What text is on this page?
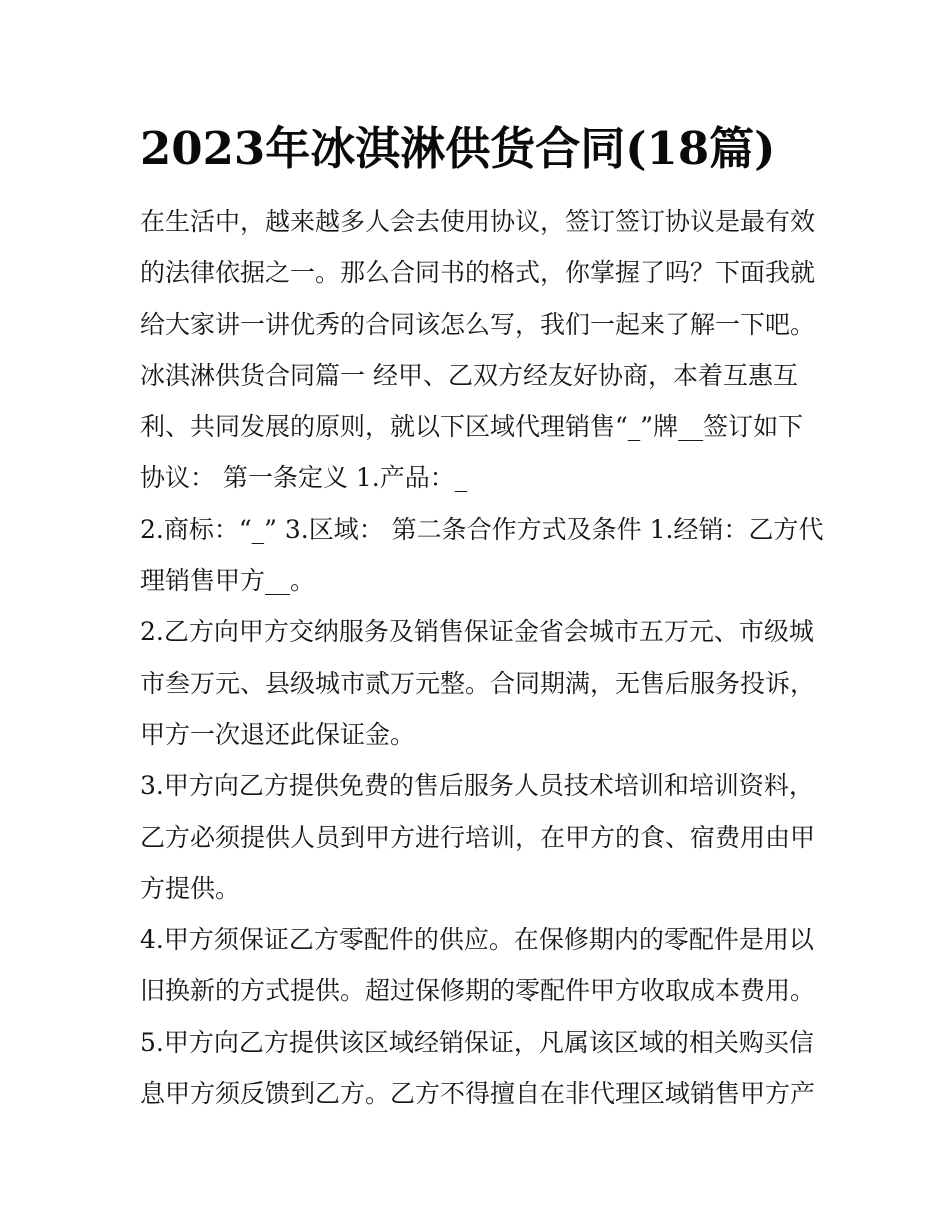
2023年冰淇淋供货合同(18篇)
在生活中，越来越多人会去使用协议，签订签订协议是最有效
的法律依据之一。那么合同书的格式，你掌握了吗？下面我就
给大家讲一讲优秀的合同该怎么写，我们一起来了解一下吧。
冰淇淋供货合同篇一 经甲、乙双方经友好协商，本着互惠互
利、共同发展的原则，就以下区域代理销售“_”牌__签订如下
协议： 第一条定义 1.产品：_
2.商标：“_” 3.区域： 第二条合作方式及条件 1.经销：乙方代
理销售甲方__。
2.乙方向甲方交纳服务及销售保证金省会城市五万元、市级城
市叁万元、县级城市贰万元整。合同期满，无售后服务投诉，
甲方一次退还此保证金。
3.甲方向乙方提供免费的售后服务人员技术培训和培训资料，
乙方必须提供人员到甲方进行培训，在甲方的食、宿费用由甲
方提供。
4.甲方须保证乙方零配件的供应。在保修期内的零配件是用以
旧换新的方式提供。超过保修期的零配件甲方收取成本费用。
5.甲方向乙方提供该区域经销保证，凡属该区域的相关购买信
息甲方须反馈到乙方。乙方不得擅自在非代理区域销售甲方产
